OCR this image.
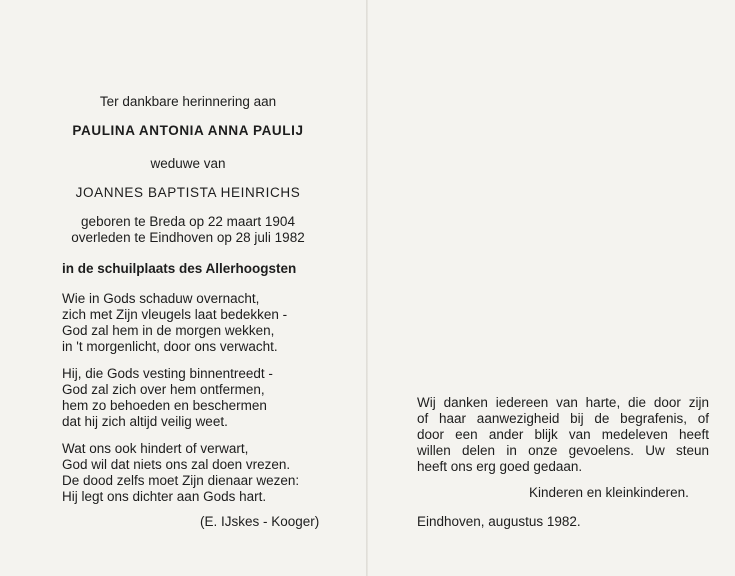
Ter dankbare herinnering aan
PAULINA ANTONIA ANNA PAULIJ
weduwe van
JOANNES BAPTISTA HEINRICHS
geboren te Breda op 22 maart 1904
overleden te Eindhoven op 28 juli 1982
in de schuilplaats des Allerhoogsten
Wie in Gods schaduw overnacht,
zich met Zijn vleugels laat bedekken -
God zal hem in de morgen wekken,
in 't morgenlicht, door ons verwacht.
Hij, die Gods vesting binnentreedt -
God zal zich over hem ontfermen,
hem zo behoeden en beschermen
dat hij zich altijd veilig weet.
Wat ons ook hindert of verwart,
God wil dat niets ons zal doen vrezen.
De dood zelfs moet Zijn dienaar wezen:
Hij legt ons dichter aan Gods hart.
(E. IJskes - Kooger)
Wij danken iedereen van harte, die door zijn
of haar aanwezigheid bij de begrafenis, of
door een ander blijk van medeleven heeft
willen delen in onze gevoelens. Uw steun
heeft ons erg goed gedaan.
Kinderen en kleinkinderen.
Eindhoven, augustus 1982.
